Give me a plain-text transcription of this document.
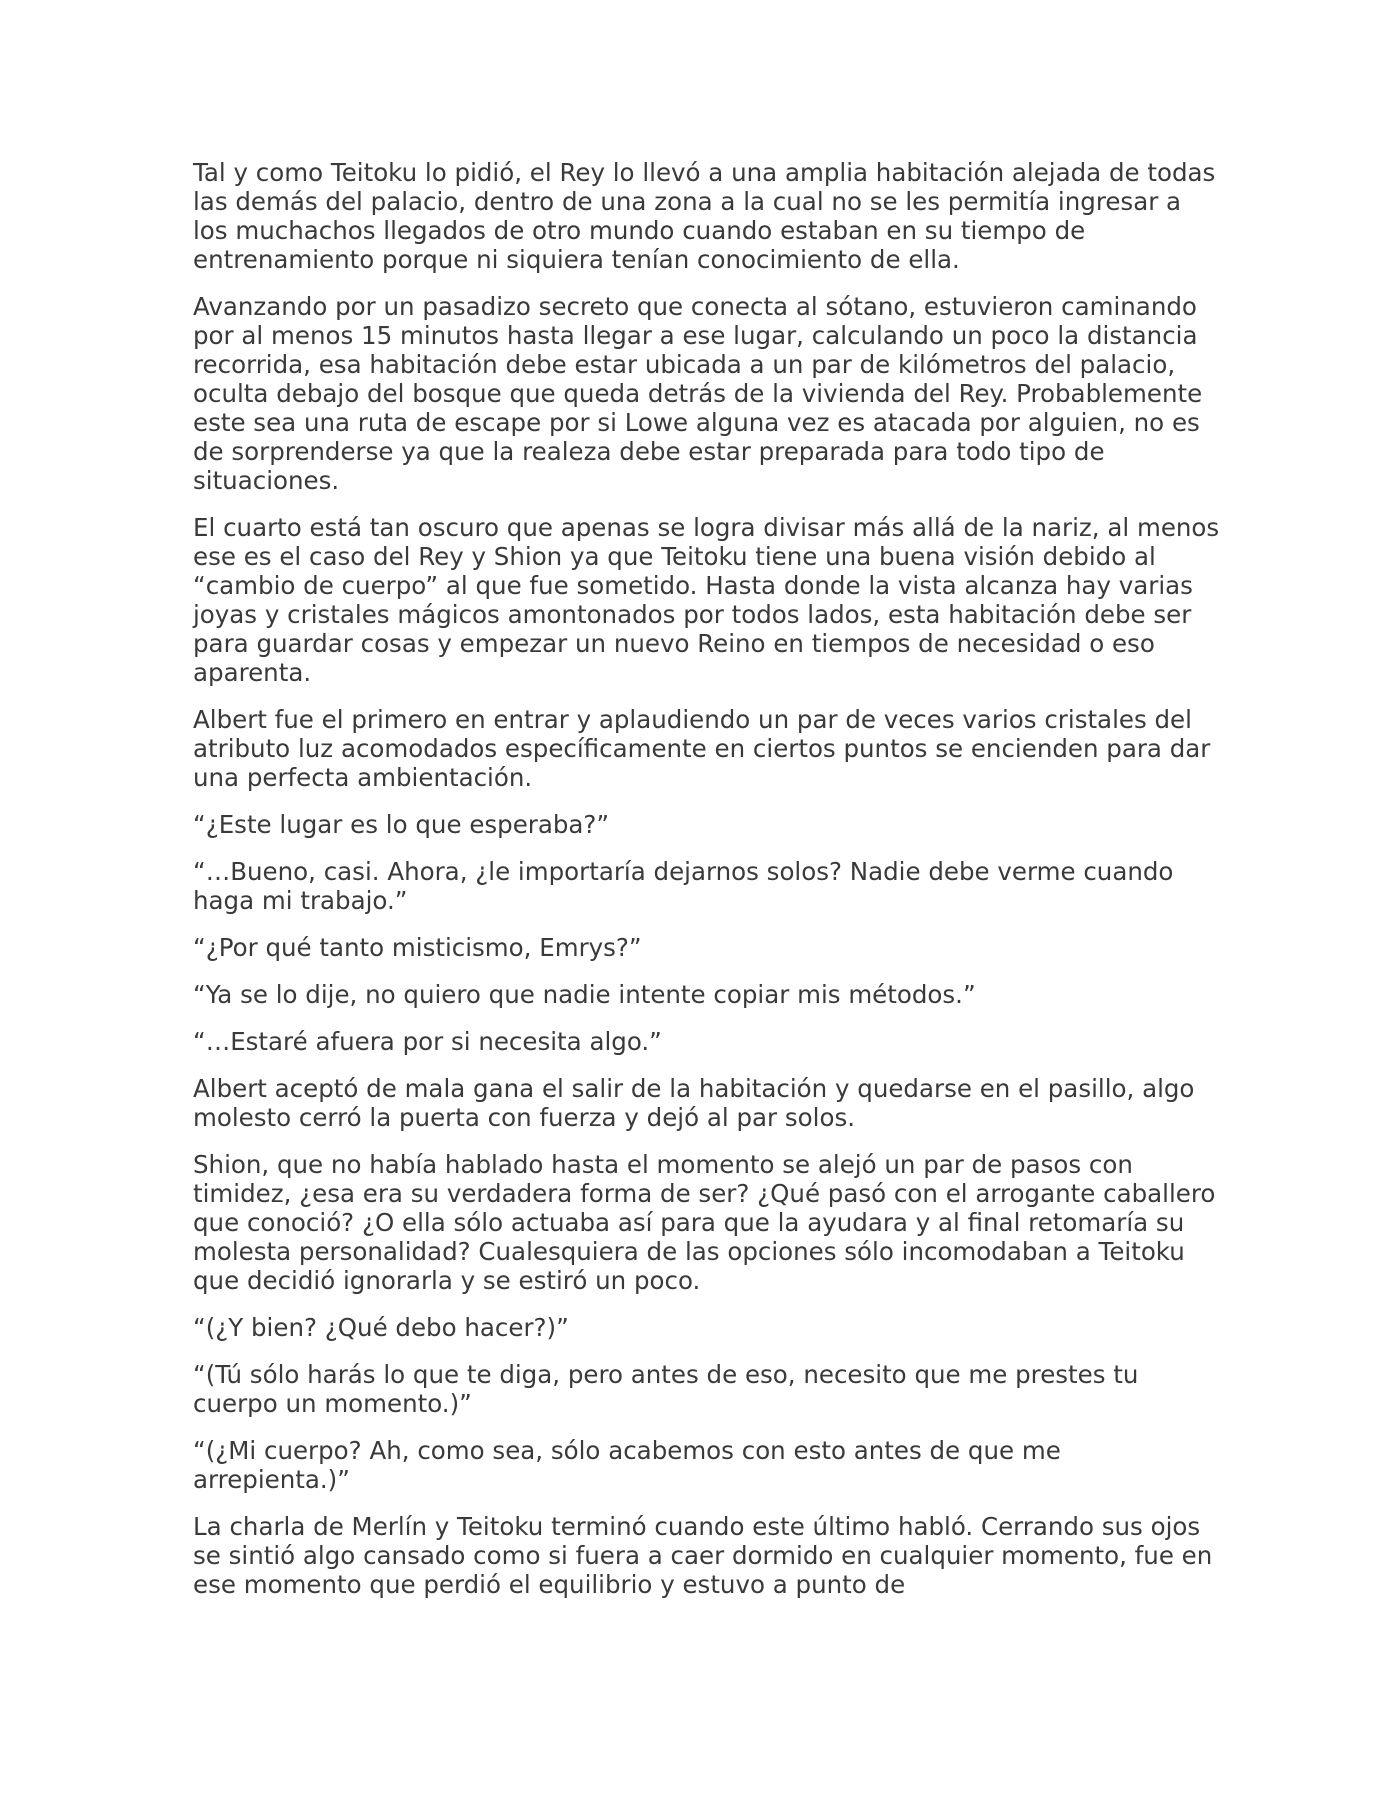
Tal y como Teitoku lo pidió, el Rey lo llevó a una amplia habitación alejada de todas las demás del palacio, dentro de una zona a la cual no se les permitía ingresar a los muchachos llegados de otro mundo cuando estaban en su tiempo de entrenamiento porque ni siquiera tenían conocimiento de ella.

Avanzando por un pasadizo secreto que conecta al sótano, estuvieron caminando por al menos 15 minutos hasta llegar a ese lugar, calculando un poco la distancia recorrida, esa habitación debe estar ubicada a un par de kilómetros del palacio, oculta debajo del bosque que queda detrás de la vivienda del Rey. Probablemente este sea una ruta de escape por si Lowe alguna vez es atacada por alguien, no es de sorprenderse ya que la realeza debe estar preparada para todo tipo de situaciones.

El cuarto está tan oscuro que apenas se logra divisar más allá de la nariz, al menos ese es el caso del Rey y Shion ya que Teitoku tiene una buena visión debido al “cambio de cuerpo” al que fue sometido. Hasta donde la vista alcanza hay varias joyas y cristales mágicos amontonados por todos lados, esta habitación debe ser para guardar cosas y empezar un nuevo Reino en tiempos de necesidad o eso aparenta.

Albert fue el primero en entrar y aplaudiendo un par de veces varios cristales del atributo luz acomodados específicamente en ciertos puntos se encienden para dar una perfecta ambientación.

“¿Este lugar es lo que esperaba?”

“…Bueno, casi. Ahora, ¿le importaría dejarnos solos? Nadie debe verme cuando haga mi trabajo.”

“¿Por qué tanto misticismo, Emrys?”

“Ya se lo dije, no quiero que nadie intente copiar mis métodos.”

“…Estaré afuera por si necesita algo.”

Albert aceptó de mala gana el salir de la habitación y quedarse en el pasillo, algo molesto cerró la puerta con fuerza y dejó al par solos.

Shion, que no había hablado hasta el momento se alejó un par de pasos con timidez, ¿esa era su verdadera forma de ser? ¿Qué pasó con el arrogante caballero que conoció? ¿O ella sólo actuaba así para que la ayudara y al final retomaría su molesta personalidad? Cualesquiera de las opciones sólo incomodaban a Teitoku que decidió ignorarla y se estiró un poco.

“(¿Y bien? ¿Qué debo hacer?)”

“(Tú sólo harás lo que te diga, pero antes de eso, necesito que me prestes tu cuerpo un momento.)”

“(¿Mi cuerpo? Ah, como sea, sólo acabemos con esto antes de que me arrepienta.)”

La charla de Merlín y Teitoku terminó cuando este último habló. Cerrando sus ojos se sintió algo cansado como si fuera a caer dormido en cualquier momento, fue en ese momento que perdió el equilibrio y estuvo a punto de
